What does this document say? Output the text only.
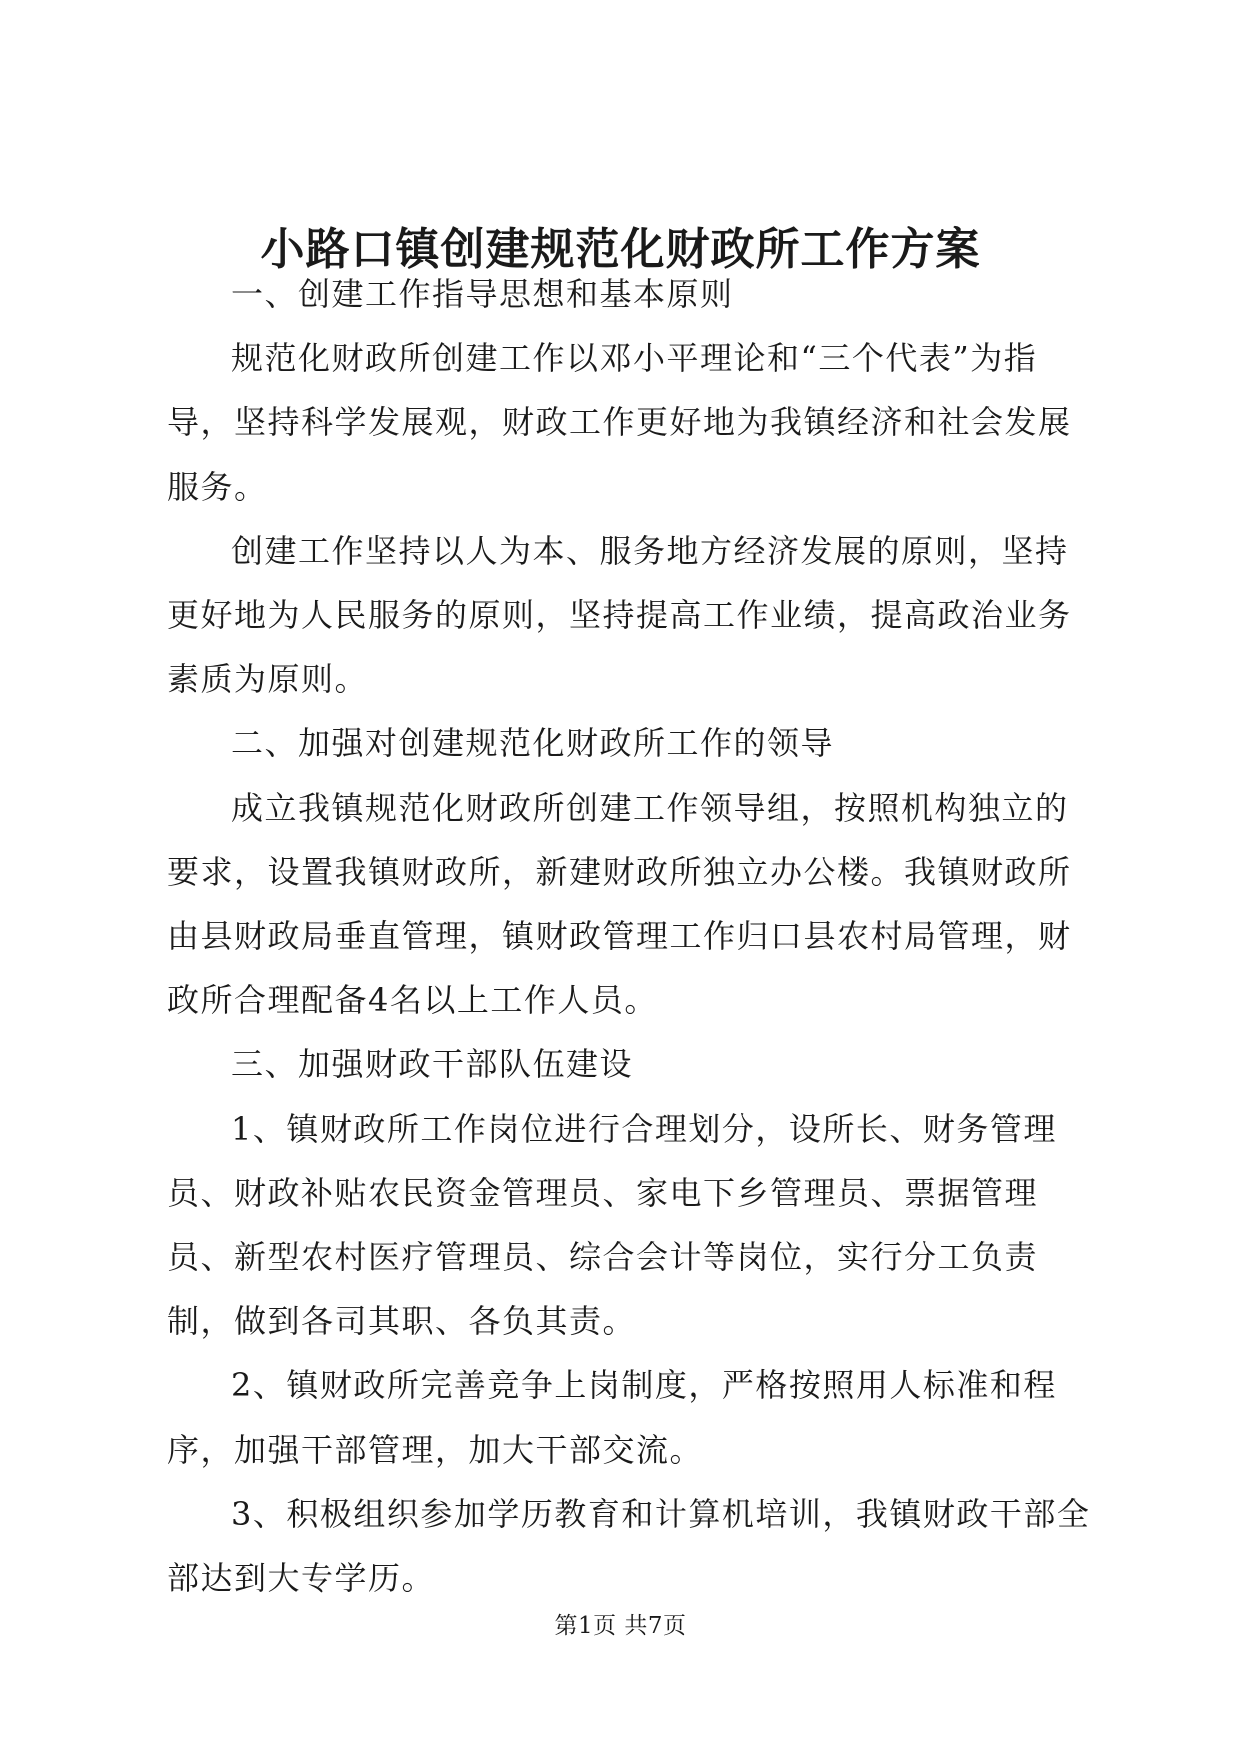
小路口镇创建规范化财政所工作方案

一、创建工作指导思想和基本原则

规范化财政所创建工作以邓小平理论和“三个代表”为指导，坚持科学发展观，财政工作更好地为我镇经济和社会发展服务。

创建工作坚持以人为本、服务地方经济发展的原则，坚持更好地为人民服务的原则，坚持提高工作业绩，提高政治业务素质为原则。

二、加强对创建规范化财政所工作的领导

成立我镇规范化财政所创建工作领导组，按照机构独立的要求，设置我镇财政所，新建财政所独立办公楼。我镇财政所由县财政局垂直管理，镇财政管理工作归口县农村局管理，财政所合理配备4名以上工作人员。

三、加强财政干部队伍建设

1、镇财政所工作岗位进行合理划分，设所长、财务管理员、财政补贴农民资金管理员、家电下乡管理员、票据管理员、新型农村医疗管理员、综合会计等岗位，实行分工负责制，做到各司其职、各负其责。

2、镇财政所完善竞争上岗制度，严格按照用人标准和程序，加强干部管理，加大干部交流。

3、积极组织参加学历教育和计算机培训，我镇财政干部全部达到大专学历。

第1页 共7页
